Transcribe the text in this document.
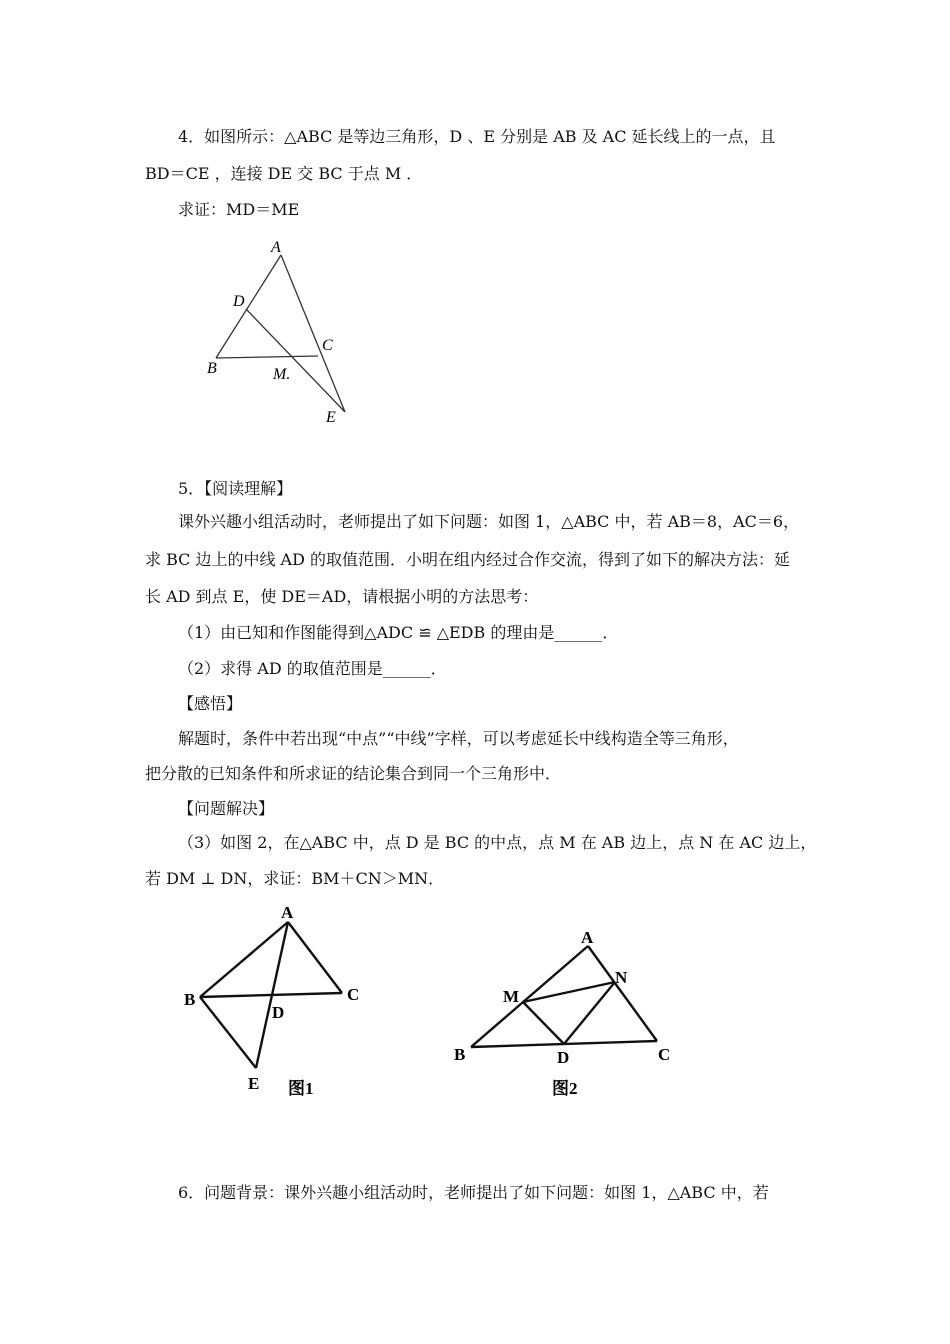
4．如图所示：△ABC 是等边三角形，D 、E 分别是 AB 及 AC 延长线上的一点，且
BD＝CE ，连接 DE 交 BC 于点 M ．
求证：MD＝ME
A
B
C
D
E
M.
5．【阅读理解】
课外兴趣小组活动时，老师提出了如下问题：如图 1，△ABC 中，若 AB＝8，AC＝6，
求 BC 边上的中线 AD 的取值范围．小明在组内经过合作交流，得到了如下的解决方法：延
长 AD 到点 E，使 DE＝AD，请根据小明的方法思考：
（1）由已知和作图能得到△ADC ≌ △EDB 的理由是______．
（2）求得 AD 的取值范围是______．
【感悟】
解题时，条件中若出现“中点”“中线”字样，可以考虑延长中线构造全等三角形，
把分散的已知条件和所求证的结论集合到同一个三角形中．
【问题解决】
（3）如图 2，在△ABC 中，点 D 是 BC 的中点，点 M 在 AB 边上，点 N 在 AC 边上，
若 DM ⊥ DN，求证：BM＋CN＞MN．
A
B	C
D
E 图1
A
B	C
D
M
N
图2
6．问题背景：课外兴趣小组活动时，老师提出了如下问题：如图 1，△ABC 中，若
